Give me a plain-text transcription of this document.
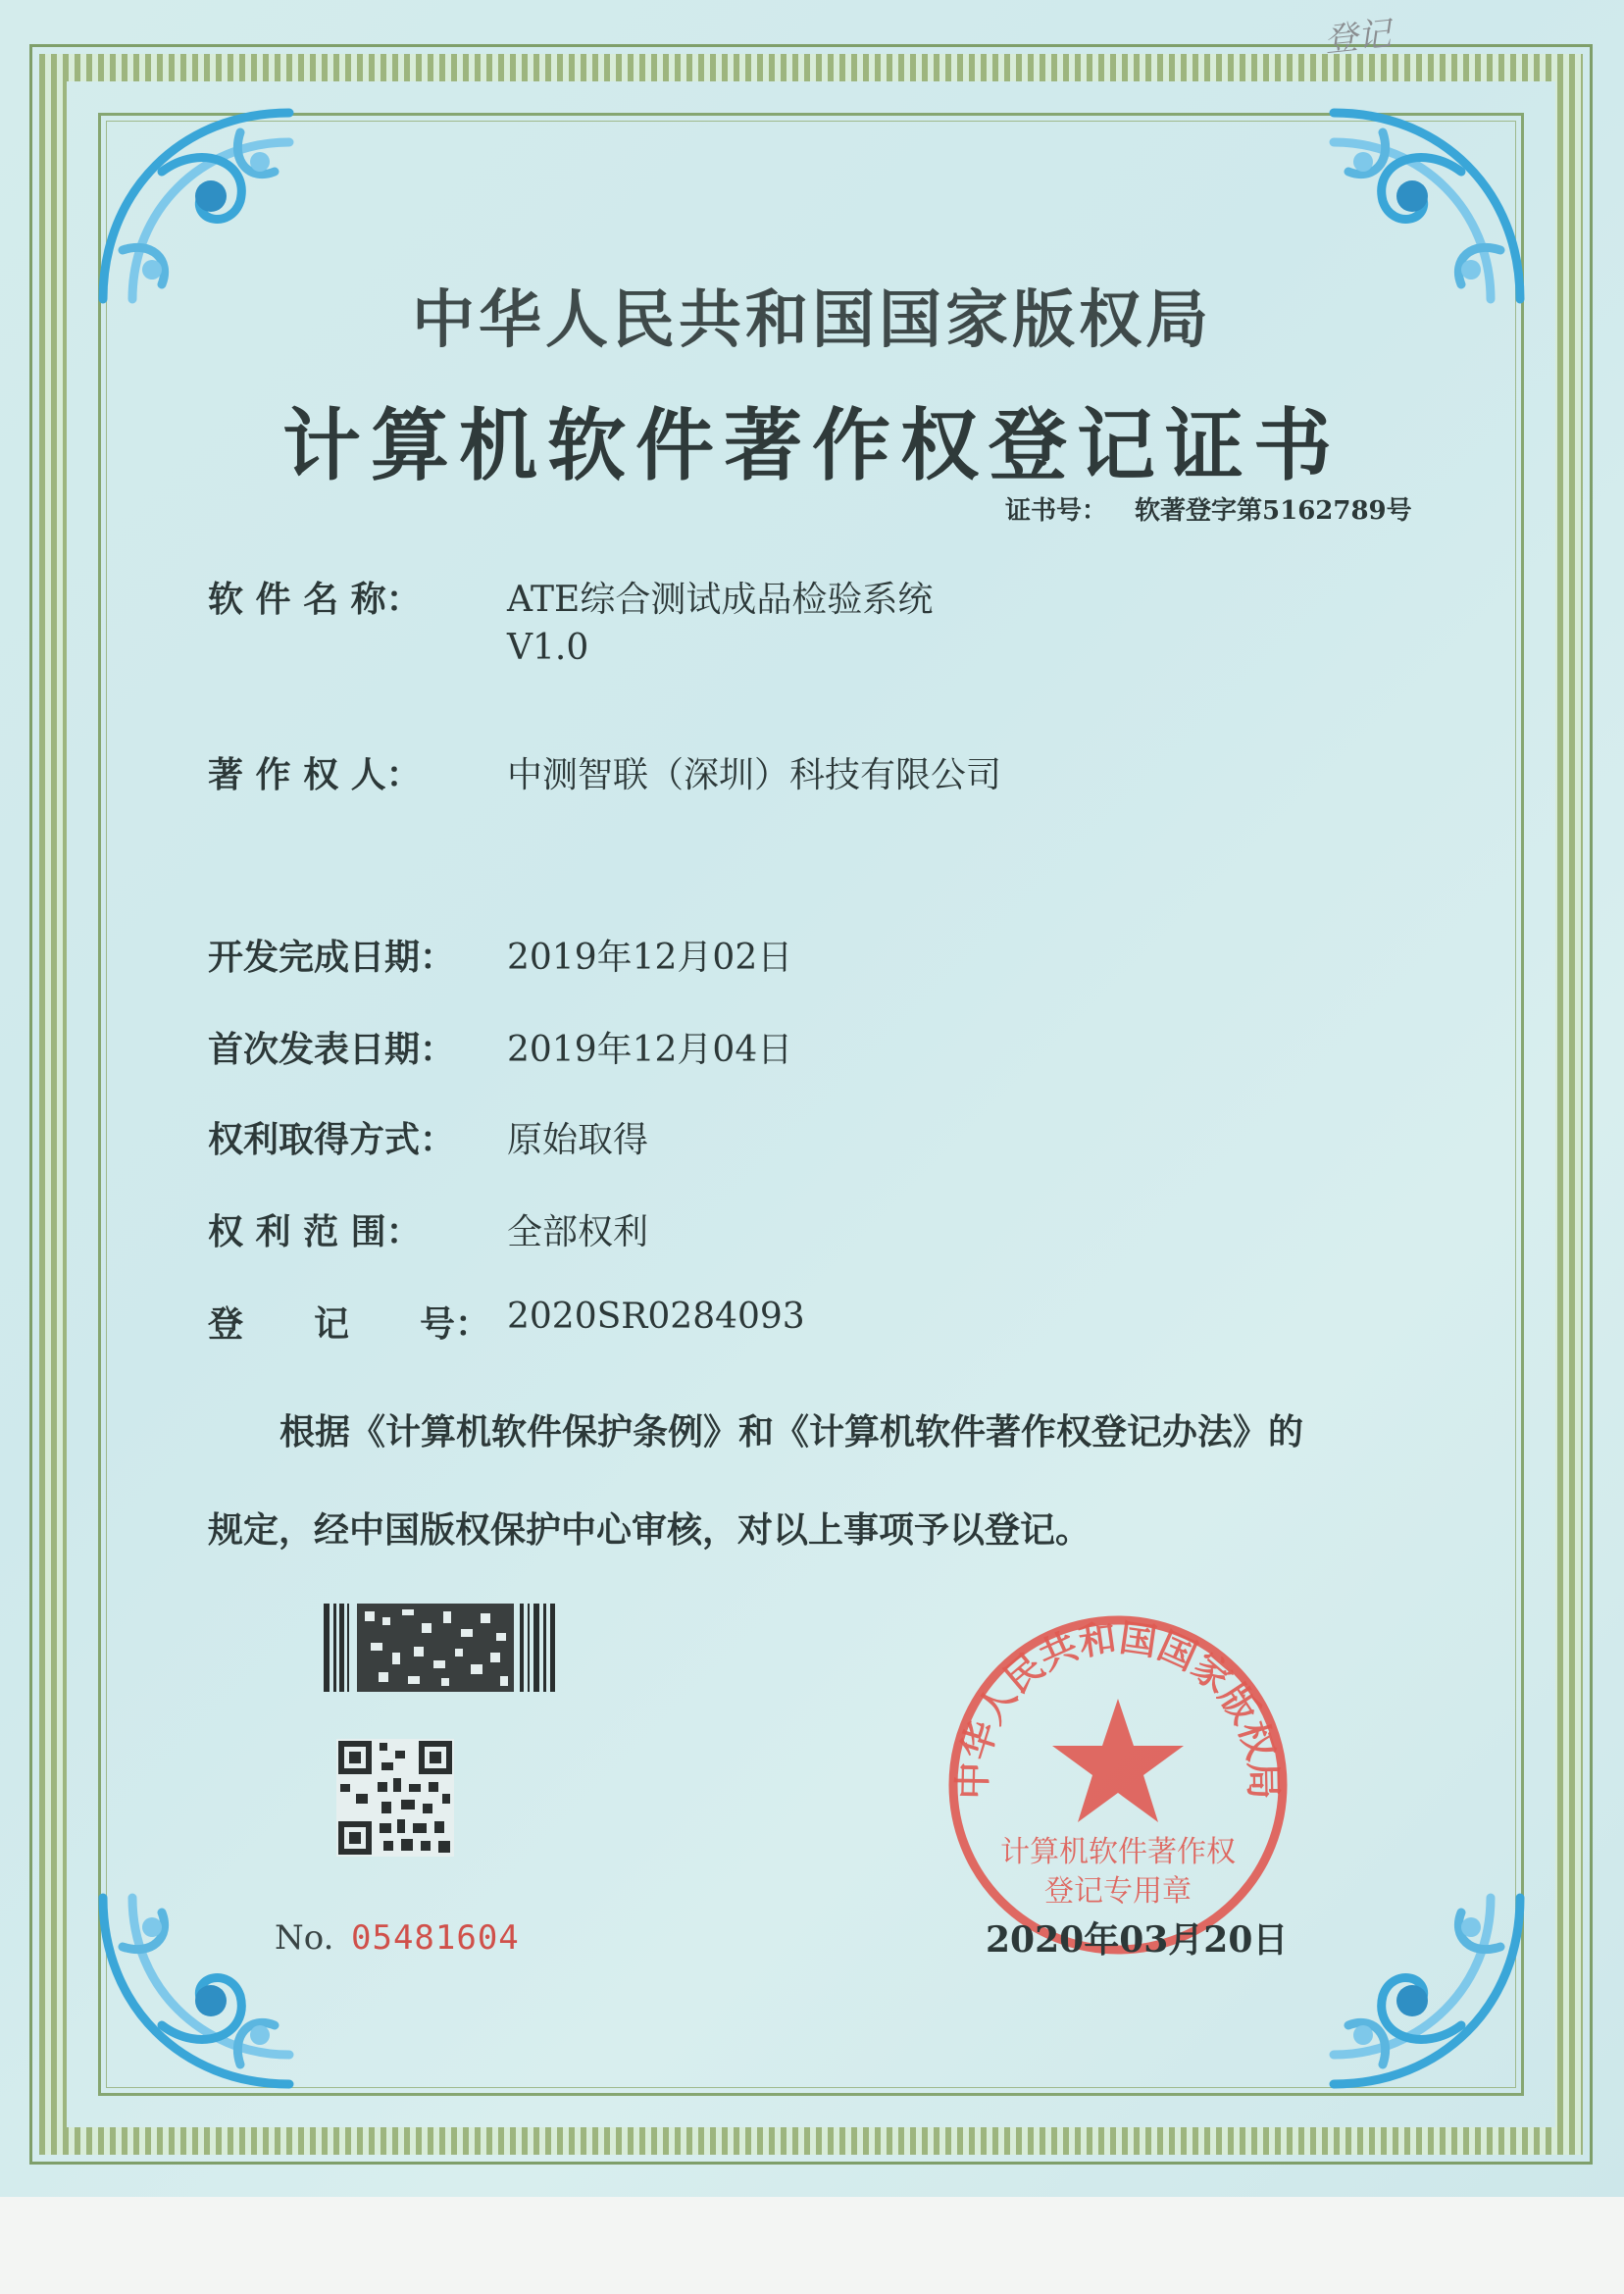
登记
中华人民共和国国家版权局
计算机软件著作权登记证书
证书号： 软著登字第5162789号
软 件 名 称： ATE综合测试成品检验系统
V1.0
著 作 权 人： 中测智联（深圳）科技有限公司
开发完成日期： 2019年12月02日
首次发表日期： 2019年12月04日
权利取得方式： 原始取得
权 利 范 围： 全部权利
登　　记　　号： 2020SR0284093
根据《计算机软件保护条例》和《计算机软件著作权登记办法》的
规定，经中国版权保护中心审核，对以上事项予以登记。
No. 05481604
中华人民共和国国家版权局
计算机软件著作权
登记专用章
2020年03月20日
